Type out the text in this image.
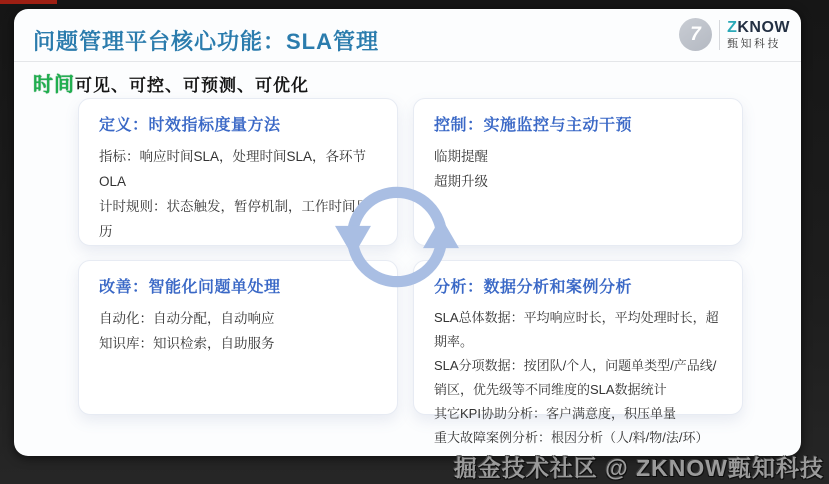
问题管理平台核心功能：SLA管理	7 ZKNOW
甄知科技
时间 可见、可控、可预测、可优化
定义：时效指标度量方法
指标：响应时间SLA，处理时间SLA，各环节OLA
计时规则：状态触发，暂停机制，工作时间日历
控制：实施监控与主动干预
临期提醒
超期升级
改善：智能化问题单处理
自动化：自动分配，自动响应
知识库：知识检索，自助服务
分析：数据分析和案例分析
SLA总体数据：平均响应时长，平均处理时长，超期率。
SLA分项数据：按团队/个人，问题单类型/产品线/销区，优先级等不同维度的SLA数据统计
其它KPI协助分析：客户满意度，积压单量
重大故障案例分析：根因分析（人/料/物/法/环）
掘金技术社区 @ ZKNOW甄知科技
